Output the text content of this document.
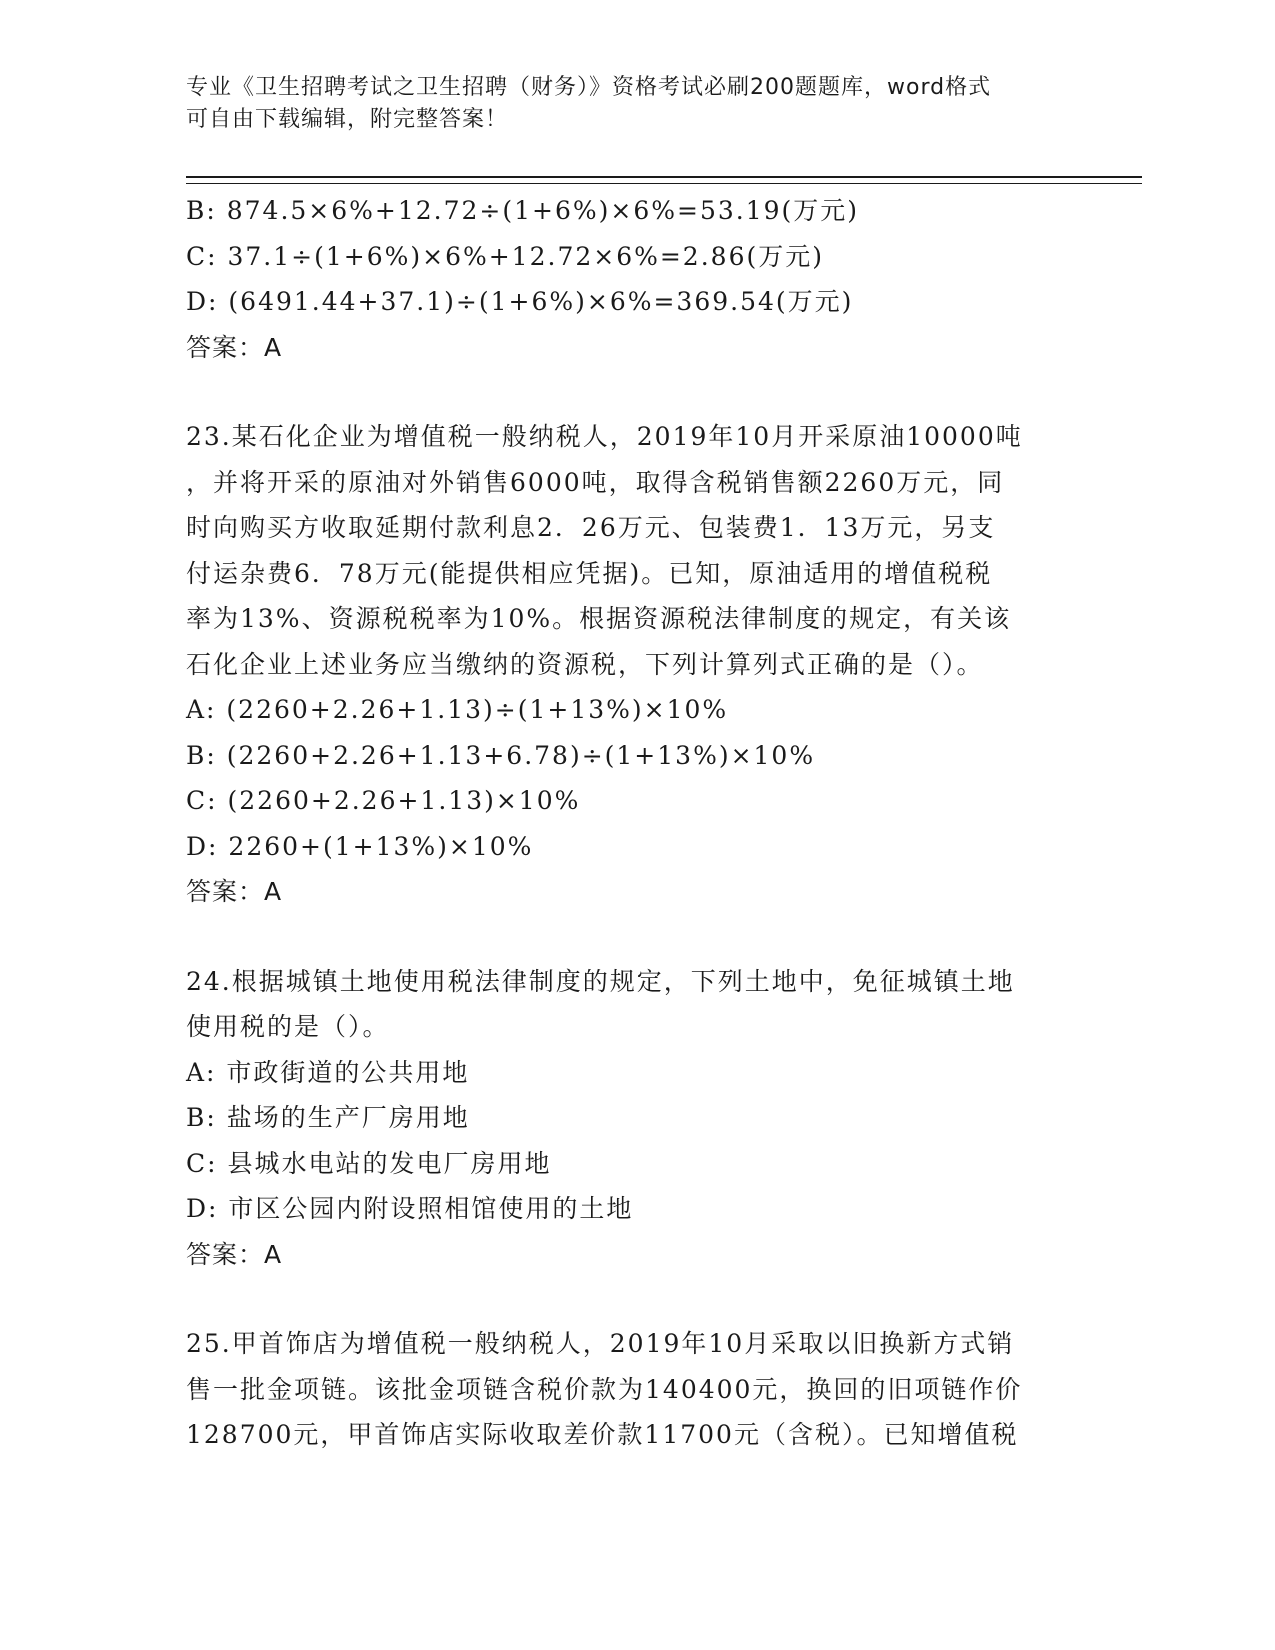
专业《卫生招聘考试之卫生招聘（财务）》资格考试必刷200题题库，word格式
可自由下载编辑，附完整答案！
B: 874.5×6%+12.72÷(1+6%)×6%=53.19(万元)
C: 37.1÷(1+6%)×6%+12.72×6%=2.86(万元)
D: (6491.44+37.1)÷(1+6%)×6%=369.54(万元)
答案：A
23.某石化企业为增值税一般纳税人，2019年10月开采原油10000吨
，并将开采的原油对外销售6000吨，取得含税销售额2260万元，同
时向购买方收取延期付款利息2．26万元、包装费1．13万元，另支
付运杂费6．78万元(能提供相应凭据)。已知，原油适用的增值税税
率为13%、资源税税率为10%。根据资源税法律制度的规定，有关该
石化企业上述业务应当缴纳的资源税，下列计算列式正确的是（）。
A: (2260+2.26+1.13)÷(1+13%)×10%
B: (2260+2.26+1.13+6.78)÷(1+13%)×10%
C: (2260+2.26+1.13)×10%
D: 2260+(1+13%)×10%
答案：A
24.根据城镇土地使用税法律制度的规定，下列土地中，免征城镇土地
使用税的是（）。
A: 市政街道的公共用地
B: 盐场的生产厂房用地
C: 县城水电站的发电厂房用地
D: 市区公园内附设照相馆使用的土地
答案：A
25.甲首饰店为增值税一般纳税人，2019年10月采取以旧换新方式销
售一批金项链。该批金项链含税价款为140400元，换回的旧项链作价
128700元，甲首饰店实际收取差价款11700元（含税）。已知增值税
